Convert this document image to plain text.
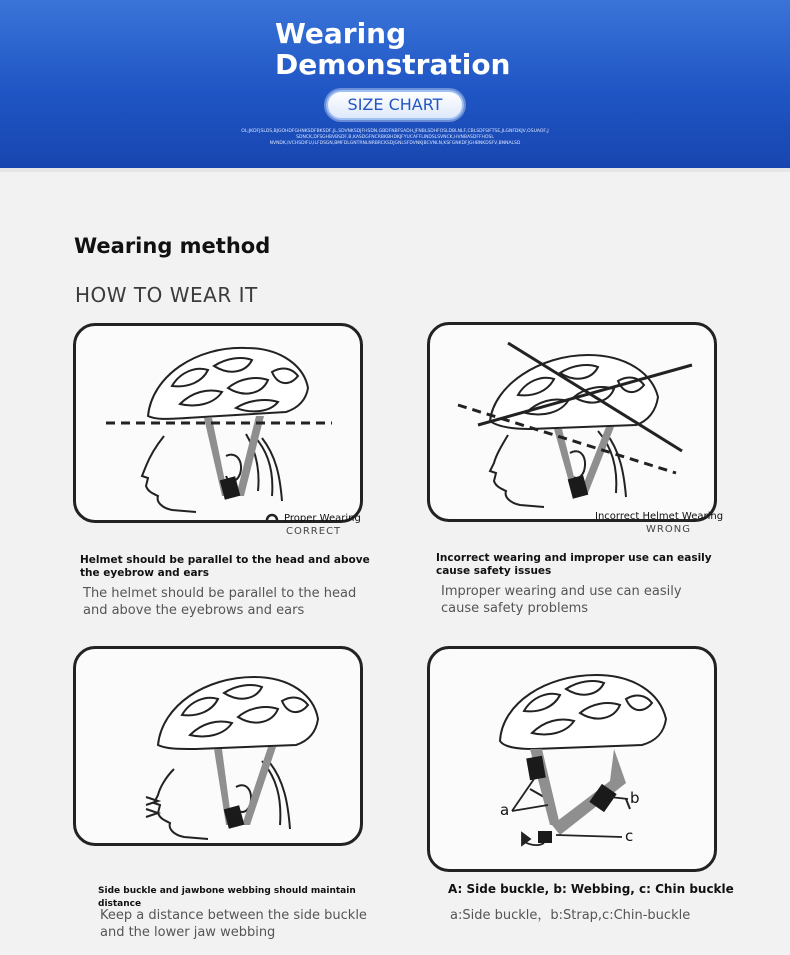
Wearing
Demonstration
SIZE CHART
OL;JKDFJSLDS,BJGOHDFGHNKSDFBKSDF,JL,SDVNKSDJFHSDN,GBDFNBFSADH,JFNBLSDHFOSLDBLNLF,CBLSDFSIFTSE,JLGNFDKJV,OSUAOF,JSDNCK,DFSGHBVBSDF,B,KASDGFNCRBKBHDKJFYUCAFFLINDSLSVNCK,HVNBASDFFHOSL
NVNDK,IVCHSDIFU,ILFDSGN,BMFDLGNTRNLNRBRCKSDJGNLSFDVNKJBCVNLN,KSFGNKDFJGHBNKDSFV,BNNALSD
Wearing method
HOW TO WEAR IT
Proper Wearing
CORRECT
Helmet should be parallel to the head and above the eyebrow and ears
The helmet should be parallel to the head and above the eyebrows and ears
Incorrect Helmet Wearing
WRONG
Incorrect wearing and improper use can easily cause safety issues
Improper wearing and use can easily cause safety problems
Side buckle and jawbone webbing should maintain distance
Keep a distance between the side buckle and the lower jaw webbing
a
b
c
A: Side buckle, b: Webbing, c: Chin buckle
a:Side buckle，b:Strap,c:Chin-buckle
